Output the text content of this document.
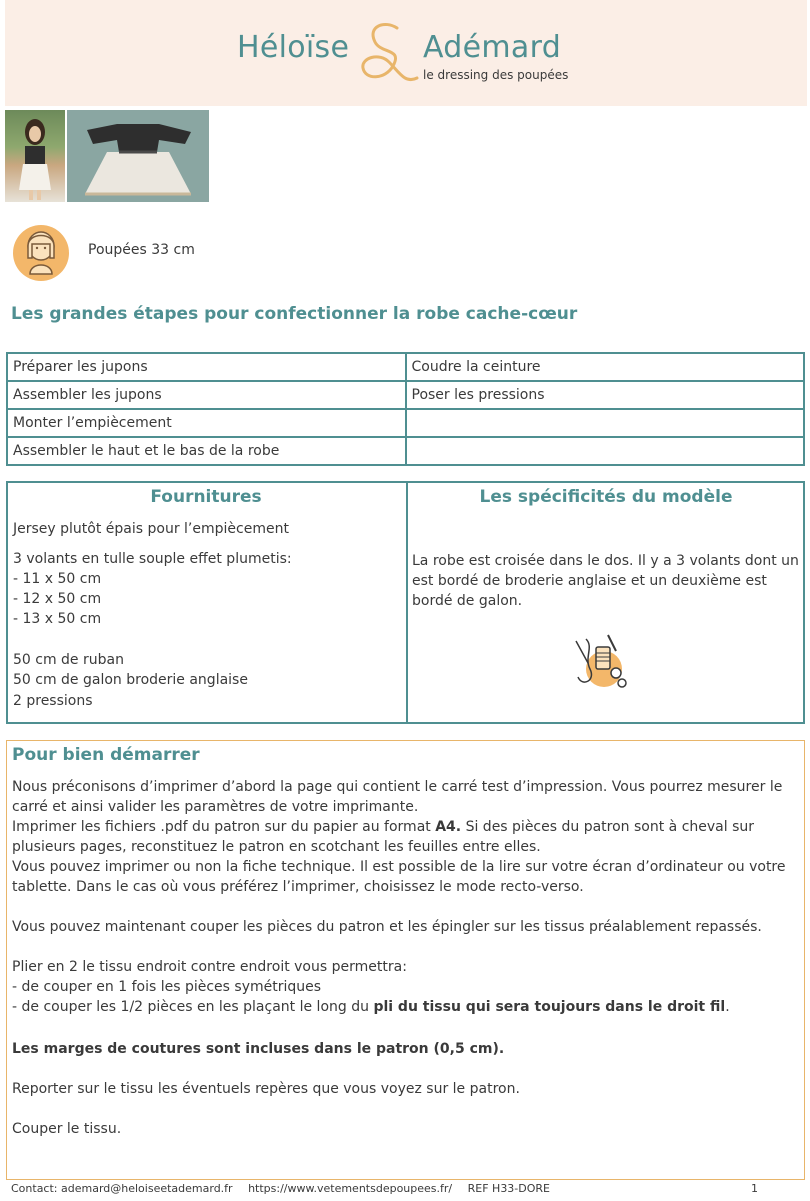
Héloïse Adémard
le dressing des poupées
Poupées 33 cm
Les grandes étapes pour confectionner la robe cache-cœur
Préparer les jupons	Coudre la ceinture
Assembler les jupons	Poser les pressions
Monter l’empiècement	
Assembler le haut et le bas de la robe	
Fournitures	Les spécificités du modèle
Jersey plutôt épais pour l’empiècement
3 volants en tulle souple effet plumetis:
- 11 x 50 cm
- 12 x 50 cm
- 13 x 50 cm
50 cm de ruban
50 cm de galon broderie anglaise
2 pressions
La robe est croisée dans le dos. Il y a 3 volants dont un est bordé de broderie anglaise et un deuxième est bordé de galon.
Pour bien démarrer
Nous préconisons d’imprimer d’abord la page qui contient le carré test d’impression. Vous pourrez mesurer le carré et ainsi valider les paramètres de votre imprimante.
Imprimer les fichiers .pdf du patron sur du papier au format A4. Si des pièces du patron sont à cheval sur plusieurs pages, reconstituez le patron en scotchant les feuilles entre elles.
Vous pouvez imprimer ou non la fiche technique. Il est possible de la lire sur votre écran d’ordinateur ou votre tablette. Dans le cas où vous préférez l’imprimer, choisissez le mode recto-verso.
Vous pouvez maintenant couper les pièces du patron et les épingler sur les tissus préalablement repassés.
Plier en 2 le tissu endroit contre endroit vous permettra:
- de couper en 1 fois les pièces symétriques
- de couper les 1/2 pièces en les plaçant le long du pli du tissu qui sera toujours dans le droit fil.
Les marges de coutures sont incluses dans le patron (0,5 cm).
Reporter sur le tissu les éventuels repères que vous voyez sur le patron.
Couper le tissu.
Contact: ademard@heloiseetademard.fr https://www.vetementsdepoupees.fr/ REF H33-DORE	1
